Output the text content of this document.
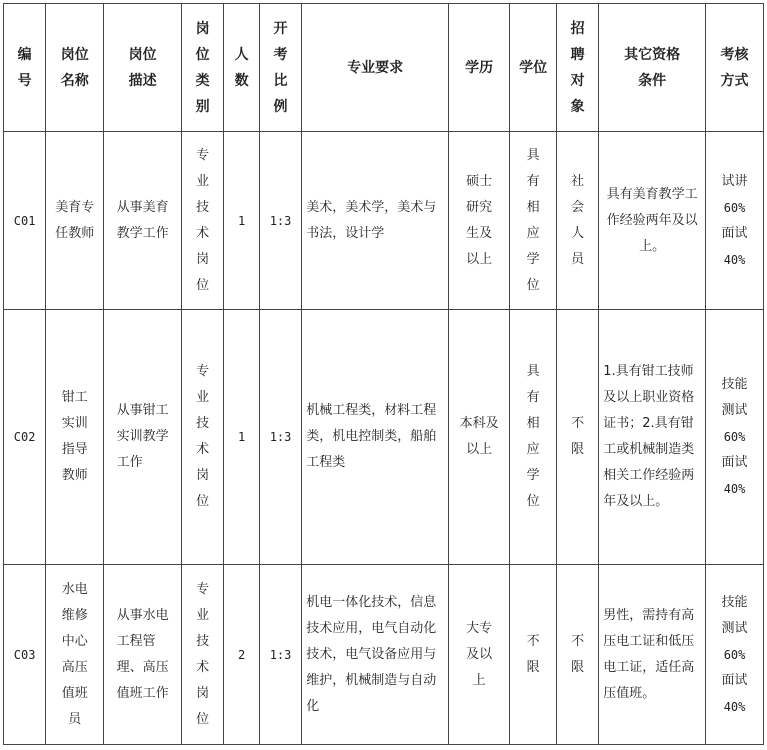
编号	岗位名称	岗位描述	岗位类别	人数	开考比例	专业要求	学历	学位	招聘对象	其它资格条件	考核方式
C01	美育专任教师	从事美育教学工作	专业技术岗位	1	1:3	美术，美术学，美术与书法，设计学	硕士研究生及以上	具有相应学位	社会人员	具有美育教学工作经验两年及以上。	试讲
60%
面试
40%

C02	钳工实训指导教师	从事钳工实训教学工作	专业技术岗位	1	1:3	机械工程类，材料工程类，机电控制类，船舶工程类	本科及以上	具有相应学位	不限	1.具有钳工技师及以上职业资格证书；2.具有钳工或机械制造类相关工作经验两年及以上。	技能测试
60%
面试
40%

C03	水电维修中心高压值班员	从事水电工程管理、高压值班工作	专业技术岗位	2	1:3	机电一体化技术，信息技术应用，电气自动化技术，电气设备应用与维护，机械制造与自动化	大专及以上	不限	不限	男性，需持有高压电工证和低压电工证，适任高压值班。	技能测试
60%
面试
40%
